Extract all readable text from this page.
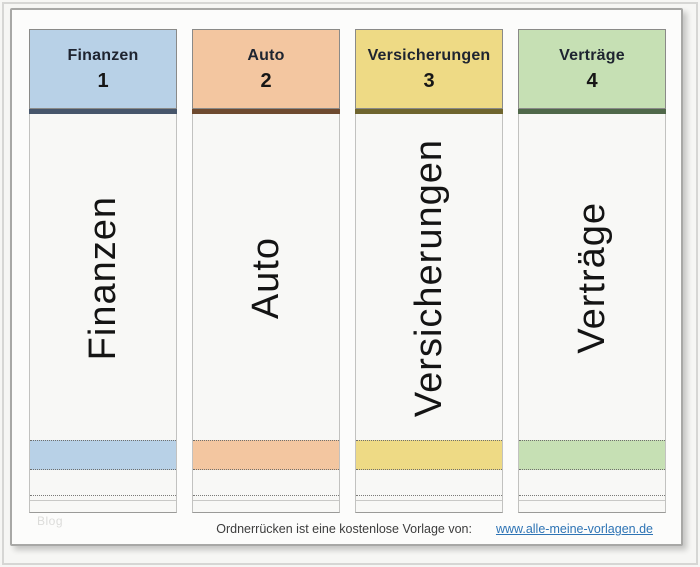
Finanzen
1
Finanzen
Auto
2
Auto
Versicherungen
3
Versicherungen
Verträge
4
Verträge
Blog
Ordnerrücken ist eine kostenlose Vorlage von: www.alle-meine-vorlagen.de
